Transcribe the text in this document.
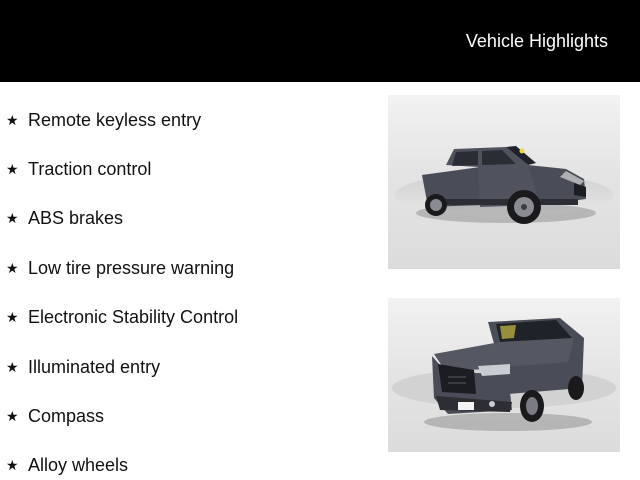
Vehicle Highlights
★ Remote keyless entry
★ Traction control
★ ABS brakes
★ Low tire pressure warning
★ Electronic Stability Control
★ Illuminated entry
★ Compass
★ Alloy wheels
